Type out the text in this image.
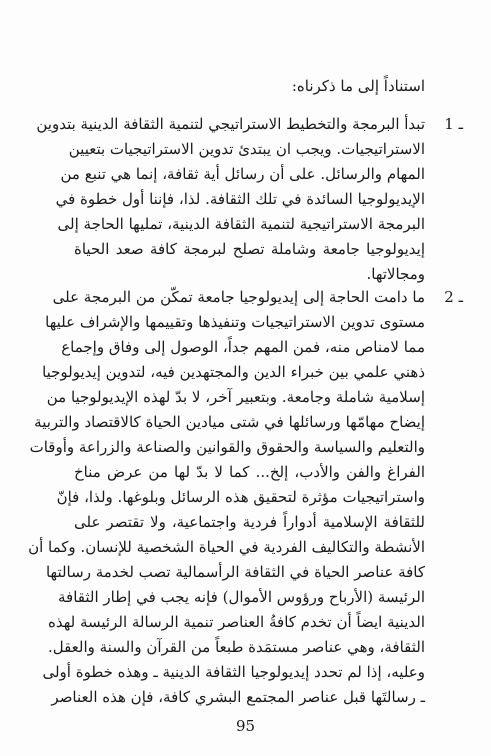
استناداً إلى ما ذكرناه:
1 ـ
تبدأ البرمجة والتخطيط الاستراتيجي لتنمية الثقافة الدينية بتدوين
الاستراتيجيات. ويجب ان يبتدئ تدوين الاستراتيجيات بتعيين
المهام والرسائل. على أن رسائل أية ثقافة، إنما هي تنبع من
الإيديولوجيا السائدة في تلك الثقافة. لذا، فإننا أول خطوة في
البرمجة الاستراتيجية لتنمية الثقافة الدينية، تمليها الحاجة إلى
إيديولوجيا جامعة وشاملة تصلح لبرمجة كافة صعد الحياة
ومجالاتها.
2 ـ
ما دامت الحاجة إلى إيديولوجيا جامعة تمكّن من البرمجة على
مستوى تدوين الاستراتيجيات وتنفيذها وتقييمها والإشراف عليها
مما لامناص منه، فمن المهم جداً، الوصول إلى وفاق وإجماع
ذهني علمي بين خبراء الدين والمجتهدين فيه، لتدوين إيديولوجيا
إسلامية شاملة وجامعة. وبتعبير آخر، لا بدّ لهذه الإيديولوجيا من
إيضاح مهامّها ورسائلها في شتى ميادين الحياة كالاقتصاد والتربية
والتعليم والسياسة والحقوق والقوانين والصناعة والزراعة وأوقات
الفراغ والفن والأدب، إلخ... كما لا بدّ لها من عرض مناخ
واستراتيجيات مؤثرة لتحقيق هذه الرسائل وبلوغها. ولذا، فإنّ
للثقافة الإسلامية أدواراً فردية واجتماعية، ولا تقتصر على
الأنشطة والتكاليف الفردية في الحياة الشخصية للإنسان. وكما أن
كافة عناصر الحياة في الثقافة الرأسمالية تصب لخدمة رسالتها
الرئيسة (الأرباح ورؤوس الأموال) فإنه يجب في إطار الثقافة
الدينية ايضاً أن تخدم كافةُ العناصر تنمية الرسالة الرئيسة لهذه
الثقافة، وهي عناصر مستمَدة طبعاً من القرآن والسنة والعقل.
وعليه، إذا لم تحدد إيديولوجيا الثقافة الدينية ـ وهذه خطوة أولى
ـ رسالتَها قبل عناصر المجتمع البشري كافة، فإن هذه العناصر
95
